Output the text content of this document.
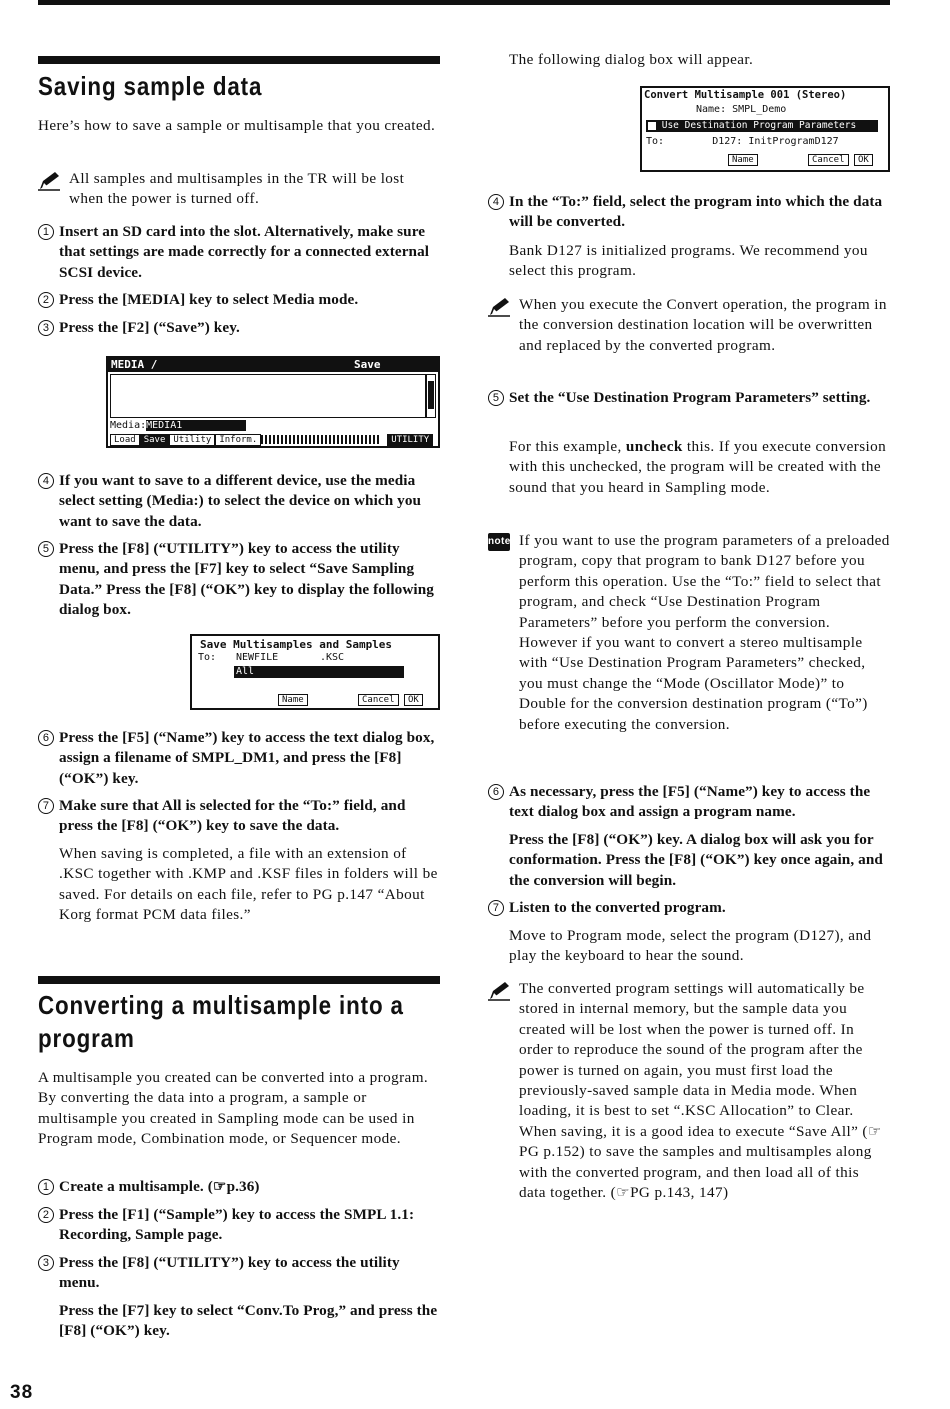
Saving sample data

Here’s how to save a sample or multisample that you created.

All samples and multisamples in the TR will be lost when the power is turned off.
1 Insert an SD card into the slot. Alternatively, make sure that settings are made correctly for a connected external SCSI device.
2 Press the [MEDIA] key to select Media mode.
3 Press the [F2] (“Save”) key.
MEDIA /	Save
Media:MEDIA1
Load Save Utility Inform.	UTILITY
4 If you want to save to a different device, use the media select setting (Media:) to select the device on which you want to save the data.
5 Press the [F8] (“UTILITY”) key to access the utility menu, and press the [F7] key to select “Save Sampling Data.” Press the [F8] (“OK”) key to display the following dialog box.
Save Multisamples and Samples
To: NEWFILE	.KSC
All
Name	Cancel	OK
6 Press the [F5] (“Name”) key to access the text dialog box, assign a filename of SMPL_DM1, and press the [F8] (“OK”) key.
7 Make sure that All is selected for the “To:” field, and press the [F8] (“OK”) key to save the data.

When saving is completed, a file with an extension of .KSC together with .KMP and .KSF files in folders will be saved. For details on each file, refer to PG p.147 “About Korg format PCM data files.”

Converting a multisample into a
program

A multisample you created can be converted into a program. By converting the data into a program, a sample or multisample you created in Sampling mode can be used in Program mode, Combination mode, or Sequencer mode.

1 Create a multisample. (☞p.36)
2 Press the [F1] (“Sample”) key to access the SMPL 1.1: Recording, Sample page.
3 Press the [F8] (“UTILITY”) key to access the utility menu.
Press the [F7] key to select “Conv.To Prog,” and press the [F8] (“OK”) key.

The following dialog box will appear.

Convert Multisample 001 (Stereo)
Name: SMPL_Demo
Use Destination Program Parameters
To:        D127: InitProgramD127
Name	Cancel	OK
4 In the “To:” field, select the program into which the data will be converted.

Bank D127 is initialized programs. We recommend you select this program.

When you execute the Convert operation, the program in the conversion destination location will be overwritten and replaced by the converted program.
5 Set the “Use Destination Program Parameters” setting.

For this example, uncheck this. If you execute conversion with this unchecked, the program will be created with the sound that you heard in Sampling mode.

note If you want to use the program parameters of a preloaded program, copy that program to bank D127 before you perform this operation. Use the “To:” field to select that program, and check “Use Destination Program Parameters” before you perform the conversion.
However if you want to convert a stereo multisample with “Use Destination Program Parameters” checked, you must change the “Mode (Oscillator Mode)” to Double for the conversion destination program (“To”) before executing the conversion.
6 As necessary, press the [F5] (“Name”) key to access the text dialog box and assign a program name.
Press the [F8] (“OK”) key. A dialog box will ask you for conformation. Press the [F8] (“OK”) key once again, and the conversion will begin.
7 Listen to the converted program.

Move to Program mode, select the program (D127), and play the keyboard to hear the sound.

The converted program settings will automatically be stored in internal memory, but the sample data you created will be lost when the power is turned off. In order to reproduce the sound of the program after the power is turned on again, you must first load the previously-saved sample data in Media mode. When loading, it is best to set “.KSC Allocation” to Clear. When saving, it is a good idea to execute “Save All” (☞PG p.152) to save the samples and multisamples along with the converted program, and then load all of this data together. (☞PG p.143, 147)
38
